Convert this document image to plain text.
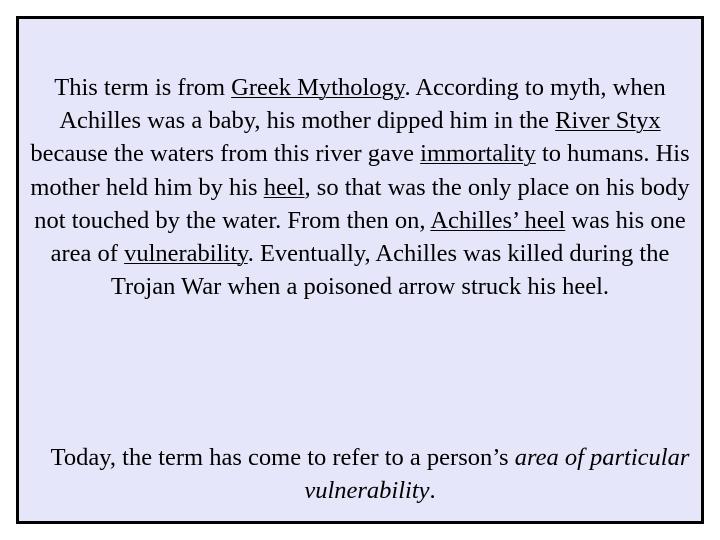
This term is from Greek Mythology. According to myth, when Achilles was a baby, his mother dipped him in the River Styx because the waters from this river gave immortality to humans. His mother held him by his heel, so that was the only place on his body not touched by the water. From then on, Achilles’ heel was his one area of vulnerability. Eventually, Achilles was killed during the Trojan War when a poisoned arrow struck his heel.

Today, the term has come to refer to a person’s area of particular vulnerability.
